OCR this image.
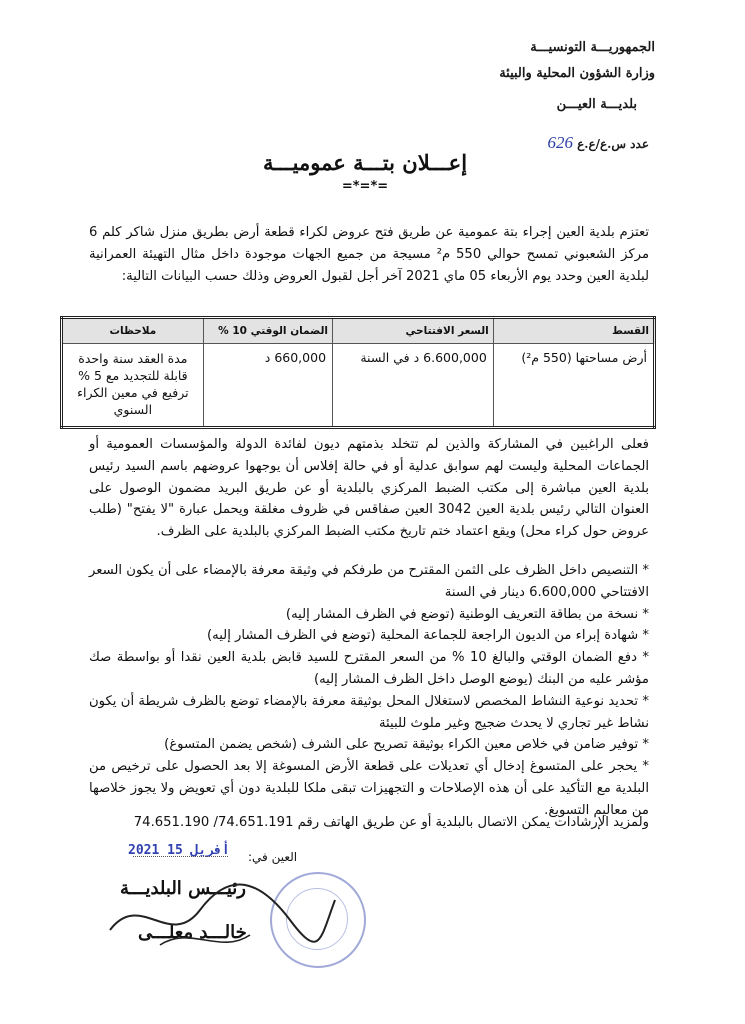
الجمهوريـــة التونسيـــة
وزارة الشؤون المحلية والبيئة
بلديـــة العيـــن
عدد س.ع/ع.ع 626
إعـــلان بتـــة عموميـــة
=*=*=
تعتزم بلدية العين إجراء بتة عمومية عن طريق فتح عروض لكراء قطعة أرض بطريق منزل شاكر كلم 6 مركز الشعبوني تمسح حوالي 550 م² مسيجة من جميع الجهات موجودة داخل مثال التهيئة العمرانية لبلدية العين وحدد يوم الأربعاء 05 ماي 2021 آخر أجل لقبول العروض وذلك حسب البيانات التالية:
القسط	السعر الافتتاحي	الضمان الوقتي 10 %	ملاحظات
أرض مساحتها (550 م²)	6.600,000 د في السنة	660,000 د	مدة العقد سنة واحدة قابلة للتجديد مع 5 % ترفيع في معين الكراء السنوي

فعلى الراغبين في المشاركة والذين لم تتخلد بذمتهم ديون لفائدة الدولة والمؤسسات العمومية أو الجماعات المحلية وليست لهم سوابق عدلية أو في حالة إفلاس أن يوجهوا عروضهم باسم السيد رئيس بلدية العين مباشرة إلى مكتب الضبط المركزي بالبلدية أو عن طريق البريد مضمون الوصول على العنوان التالي رئيس بلدية العين 3042 العين صفاقس في ظروف مغلقة ويحمل عبارة "لا يفتح" (طلب عروض حول كراء محل) ويقع اعتماد ختم تاريخ مكتب الضبط المركزي بالبلدية على الظرف.

* التنصيص داخل الظرف على الثمن المقترح من طرفكم في وثيقة معرفة بالإمضاء على أن يكون السعر الافتتاحي 6.600,000 دينار في السنة

* نسخة من بطاقة التعريف الوطنية (توضع في الظرف المشار إليه)

* شهادة إبراء من الديون الراجعة للجماعة المحلية (توضع في الظرف المشار إليه)

* دفع الضمان الوقتي والبالغ 10 % من السعر المقترح للسيد قابض بلدية العين نقدا أو بواسطة صك مؤشر عليه من البنك (يوضع الوصل داخل الظرف المشار إليه)

* تحديد نوعية النشاط المخصص لاستغلال المحل بوثيقة معرفة بالإمضاء توضع بالظرف شريطة أن يكون نشاط غير تجاري لا يحدث ضجيج وغير ملوث للبيئة

* توفير ضامن في خلاص معين الكراء بوثيقة تصريح على الشرف (شخص يضمن المتسوغ)

* يحجر على المتسوغ إدخال أي تعديلات على قطعة الأرض المسوغة إلا بعد الحصول على ترخيص من البلدية مع التأكيد على أن هذه الإصلاحات و التجهيزات تبقى ملكا للبلدية دون أي تعويض ولا يجوز خلاصها من معاليم التسويغ.

ولمزيد الإرشادات يمكن الاتصال بالبلدية أو عن طريق الهاتف رقم 74.651.191/ 74.651.190
العين في:
2021 أفريل 15
رئيـــس البلديـــة
خالـــد معلـــى
